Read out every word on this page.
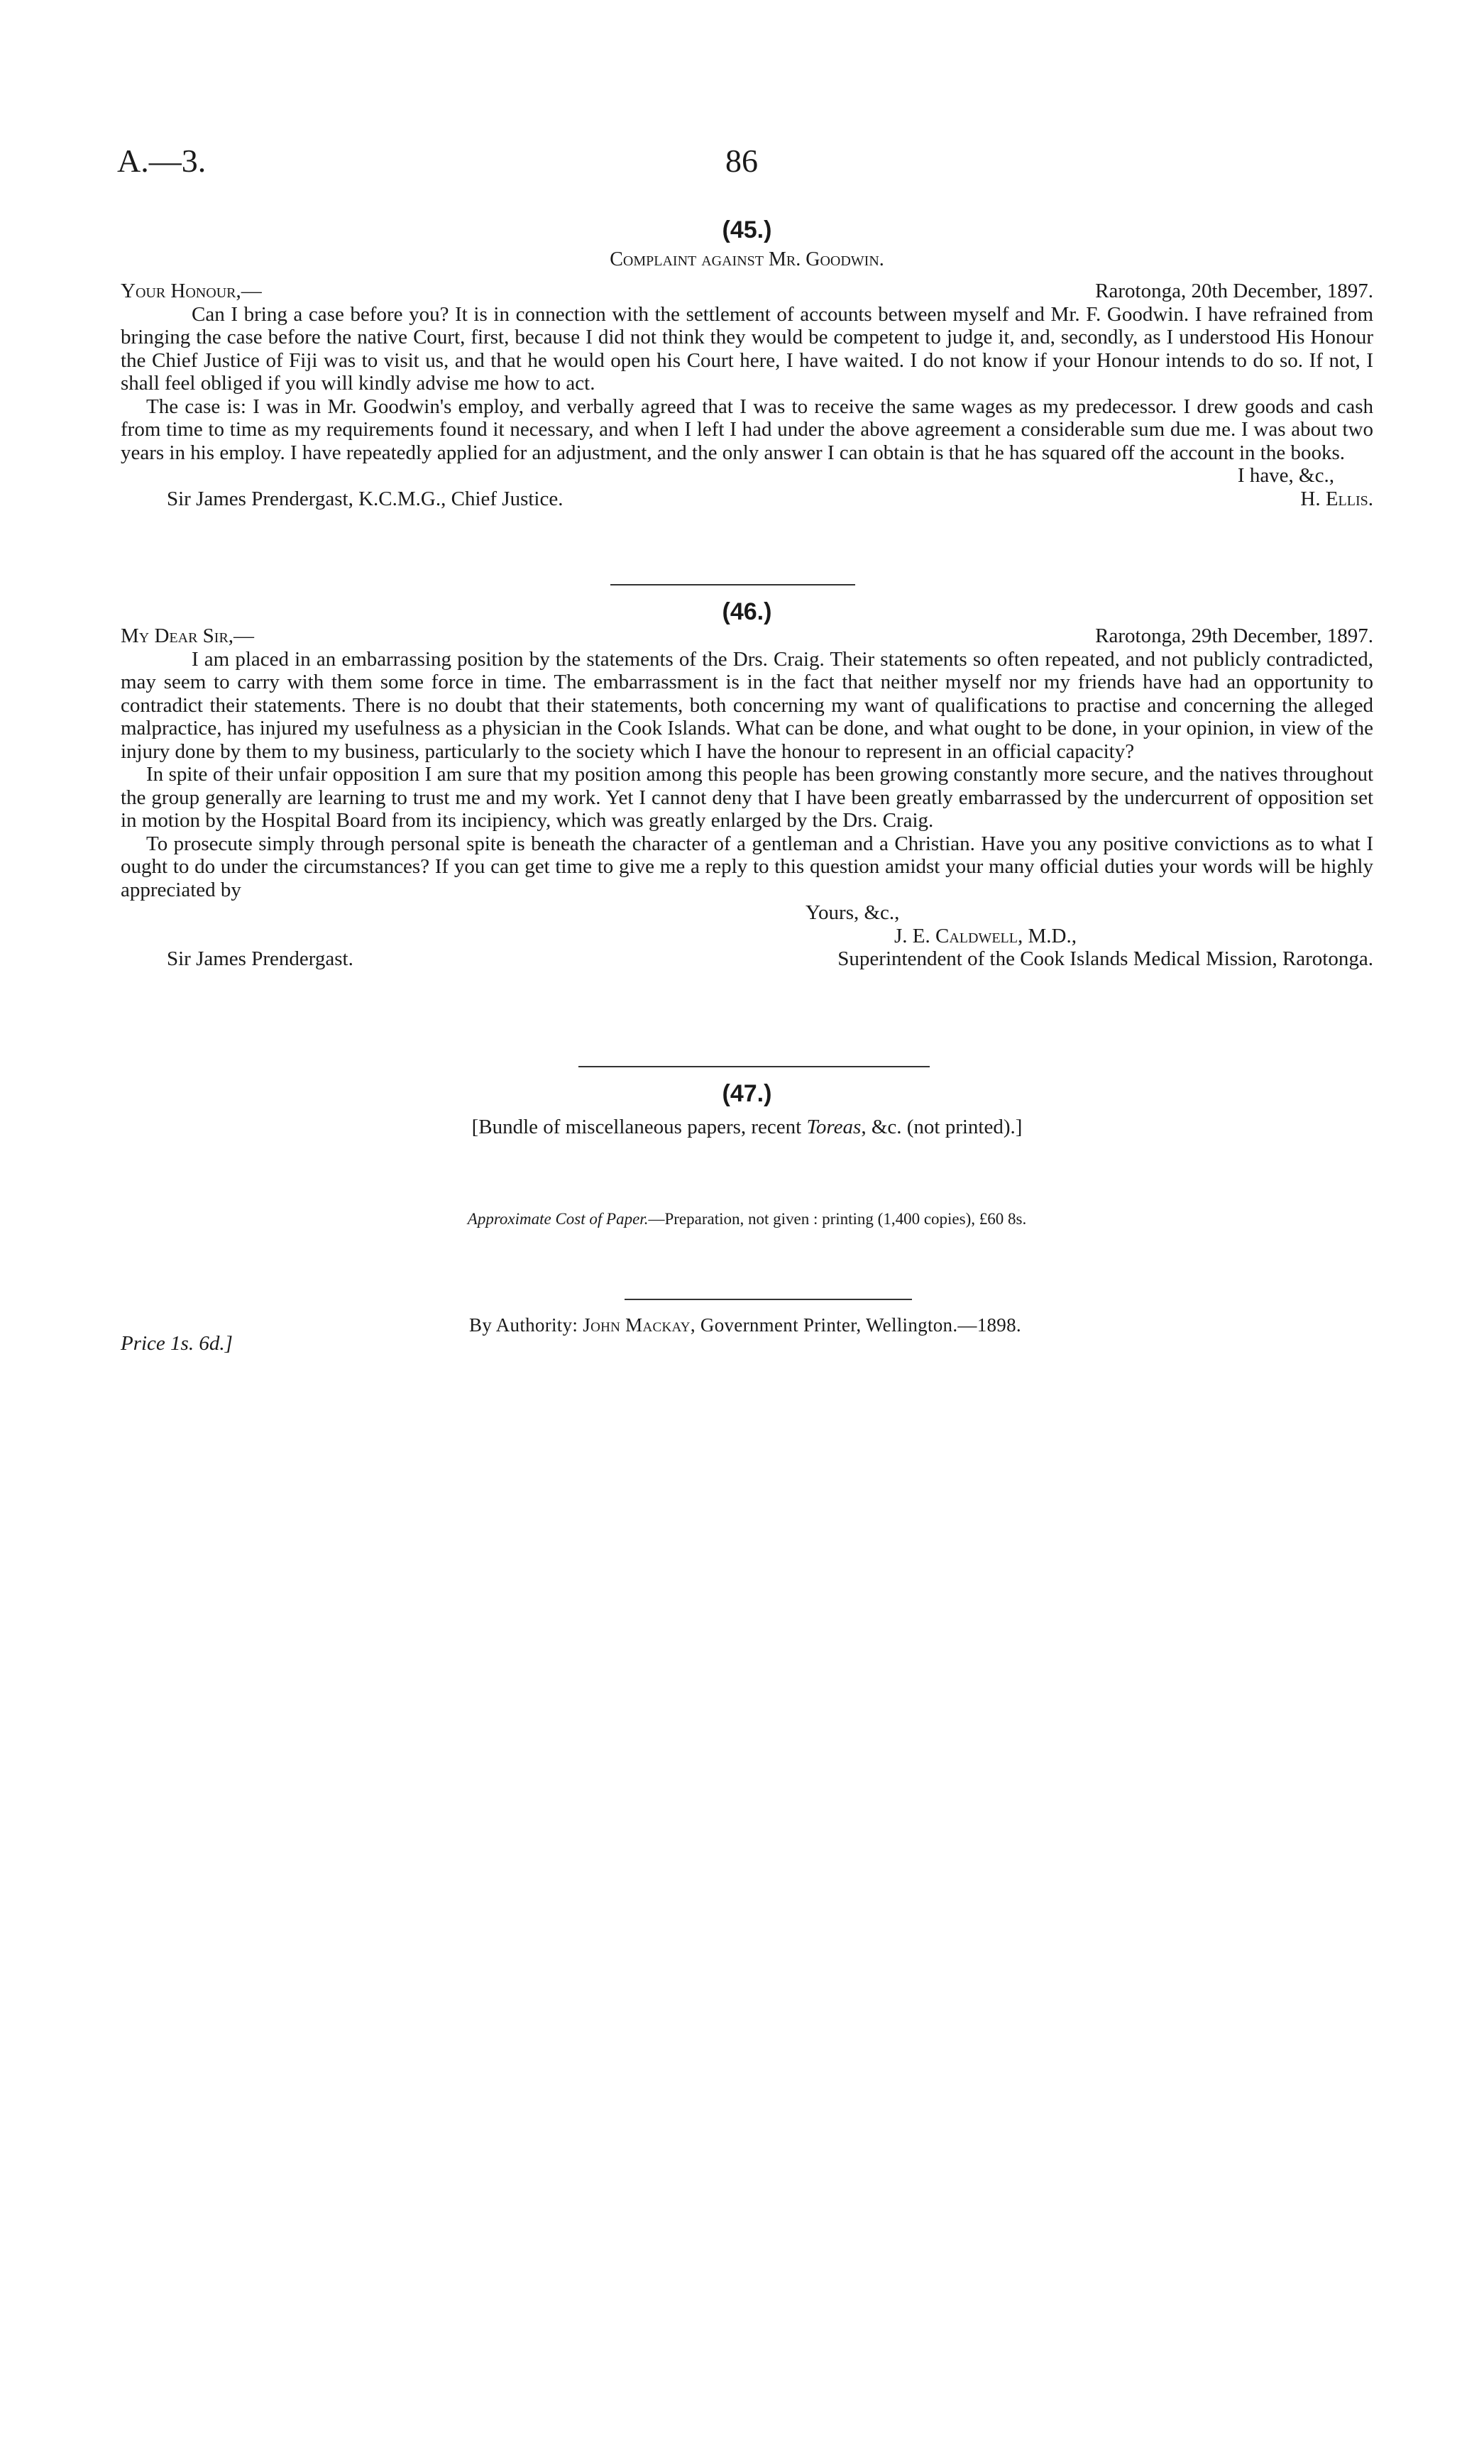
A.—3.	86
(45.)
Complaint against Mr. Goodwin.
Your Honour,—	Rarotonga, 20th December, 1897.

Can I bring a case before you? It is in connection with the settlement of accounts between myself and Mr. F. Goodwin. I have refrained from bringing the case before the native Court, first, because I did not think they would be competent to judge it, and, secondly, as I understood His Honour the Chief Justice of Fiji was to visit us, and that he would open his Court here, I have waited. I do not know if your Honour intends to do so. If not, I shall feel obliged if you will kindly advise me how to act.

The case is: I was in Mr. Goodwin's employ, and verbally agreed that I was to receive the same wages as my predecessor. I drew goods and cash from time to time as my requirements found it necessary, and when I left I had under the above agreement a considerable sum due me. I was about two years in his employ. I have repeatedly applied for an adjustment, and the only answer I can obtain is that he has squared off the account in the books.

I have, &c.,
Sir James Prendergast, K.C.M.G., Chief Justice.	H. Ellis.
(46.)
My Dear Sir,—	Rarotonga, 29th December, 1897.

I am placed in an embarrassing position by the statements of the Drs. Craig. Their statements so often repeated, and not publicly contradicted, may seem to carry with them some force in time. The embarrassment is in the fact that neither myself nor my friends have had an opportunity to contradict their statements. There is no doubt that their statements, both concerning my want of qualifications to practise and concerning the alleged malpractice, has injured my usefulness as a physician in the Cook Islands. What can be done, and what ought to be done, in your opinion, in view of the injury done by them to my business, particularly to the society which I have the honour to represent in an official capacity?

In spite of their unfair opposition I am sure that my position among this people has been growing constantly more secure, and the natives throughout the group generally are learning to trust me and my work. Yet I cannot deny that I have been greatly embarrassed by the undercurrent of opposition set in motion by the Hospital Board from its incipiency, which was greatly enlarged by the Drs. Craig.

To prosecute simply through personal spite is beneath the character of a gentleman and a Christian. Have you any positive convictions as to what I ought to do under the circumstances? If you can get time to give me a reply to this question amidst your many official duties your words will be highly appreciated by

Yours, &c.,
J. E. Caldwell, M.D.,
Sir James Prendergast.	Superintendent of the Cook Islands Medical Mission, Rarotonga.
(47.)
[Bundle of miscellaneous papers, recent Toreas, &c. (not printed).]
Approximate Cost of Paper.—Preparation, not given : printing (1,400 copies), £60 8s.
By Authority: John Mackay, Government Printer, Wellington.—1898.
Price 1s. 6d.]
